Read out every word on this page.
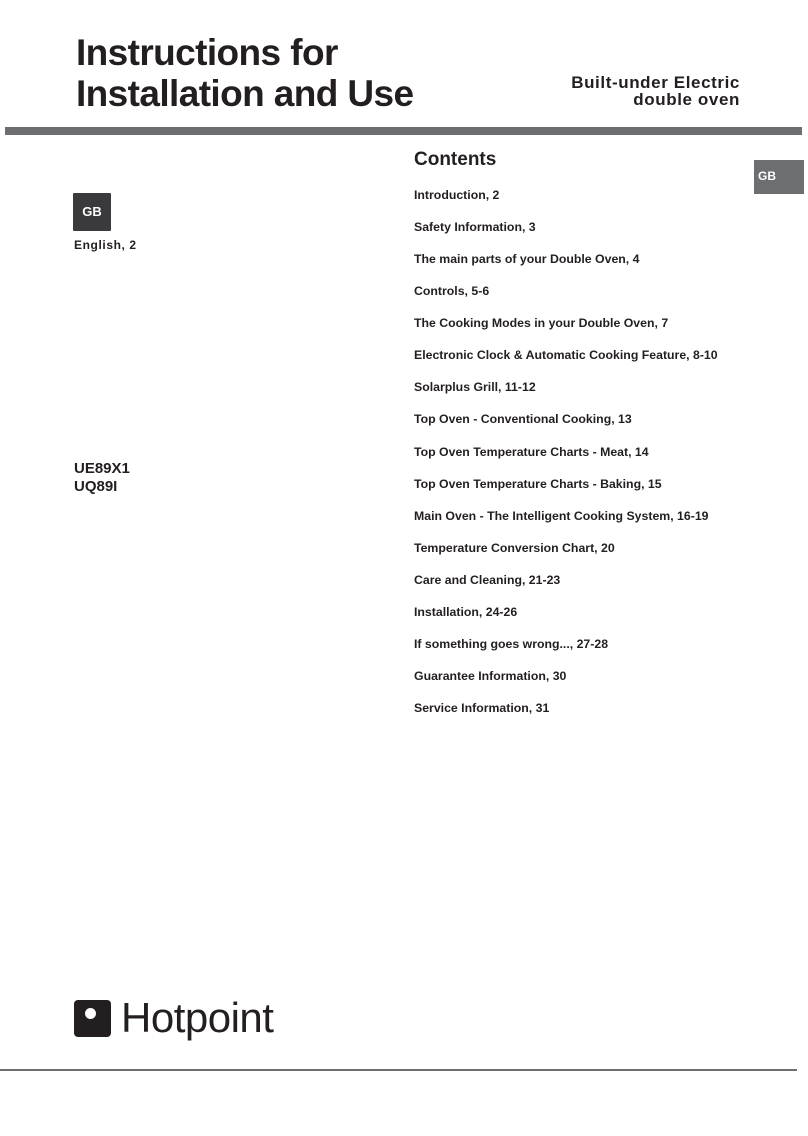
Instructions for
Installation and Use	Built-under Electric
double oven
GB
GB
English, 2
UE89X1
UQ89I
Contents
Introduction, 2
Safety Information, 3
The main parts of your Double Oven, 4
Controls, 5-6
The Cooking Modes in your Double Oven, 7
Electronic Clock & Automatic Cooking Feature, 8-10
Solarplus Grill, 11-12
Top Oven - Conventional Cooking, 13
Top Oven Temperature Charts - Meat, 14
Top Oven Temperature Charts - Baking, 15
Main Oven - The Intelligent Cooking System, 16-19
Temperature Conversion Chart, 20
Care and Cleaning, 21-23
Installation, 24-26
If something goes wrong..., 27-28
Guarantee Information, 30
Service Information, 31
Hotpoint
